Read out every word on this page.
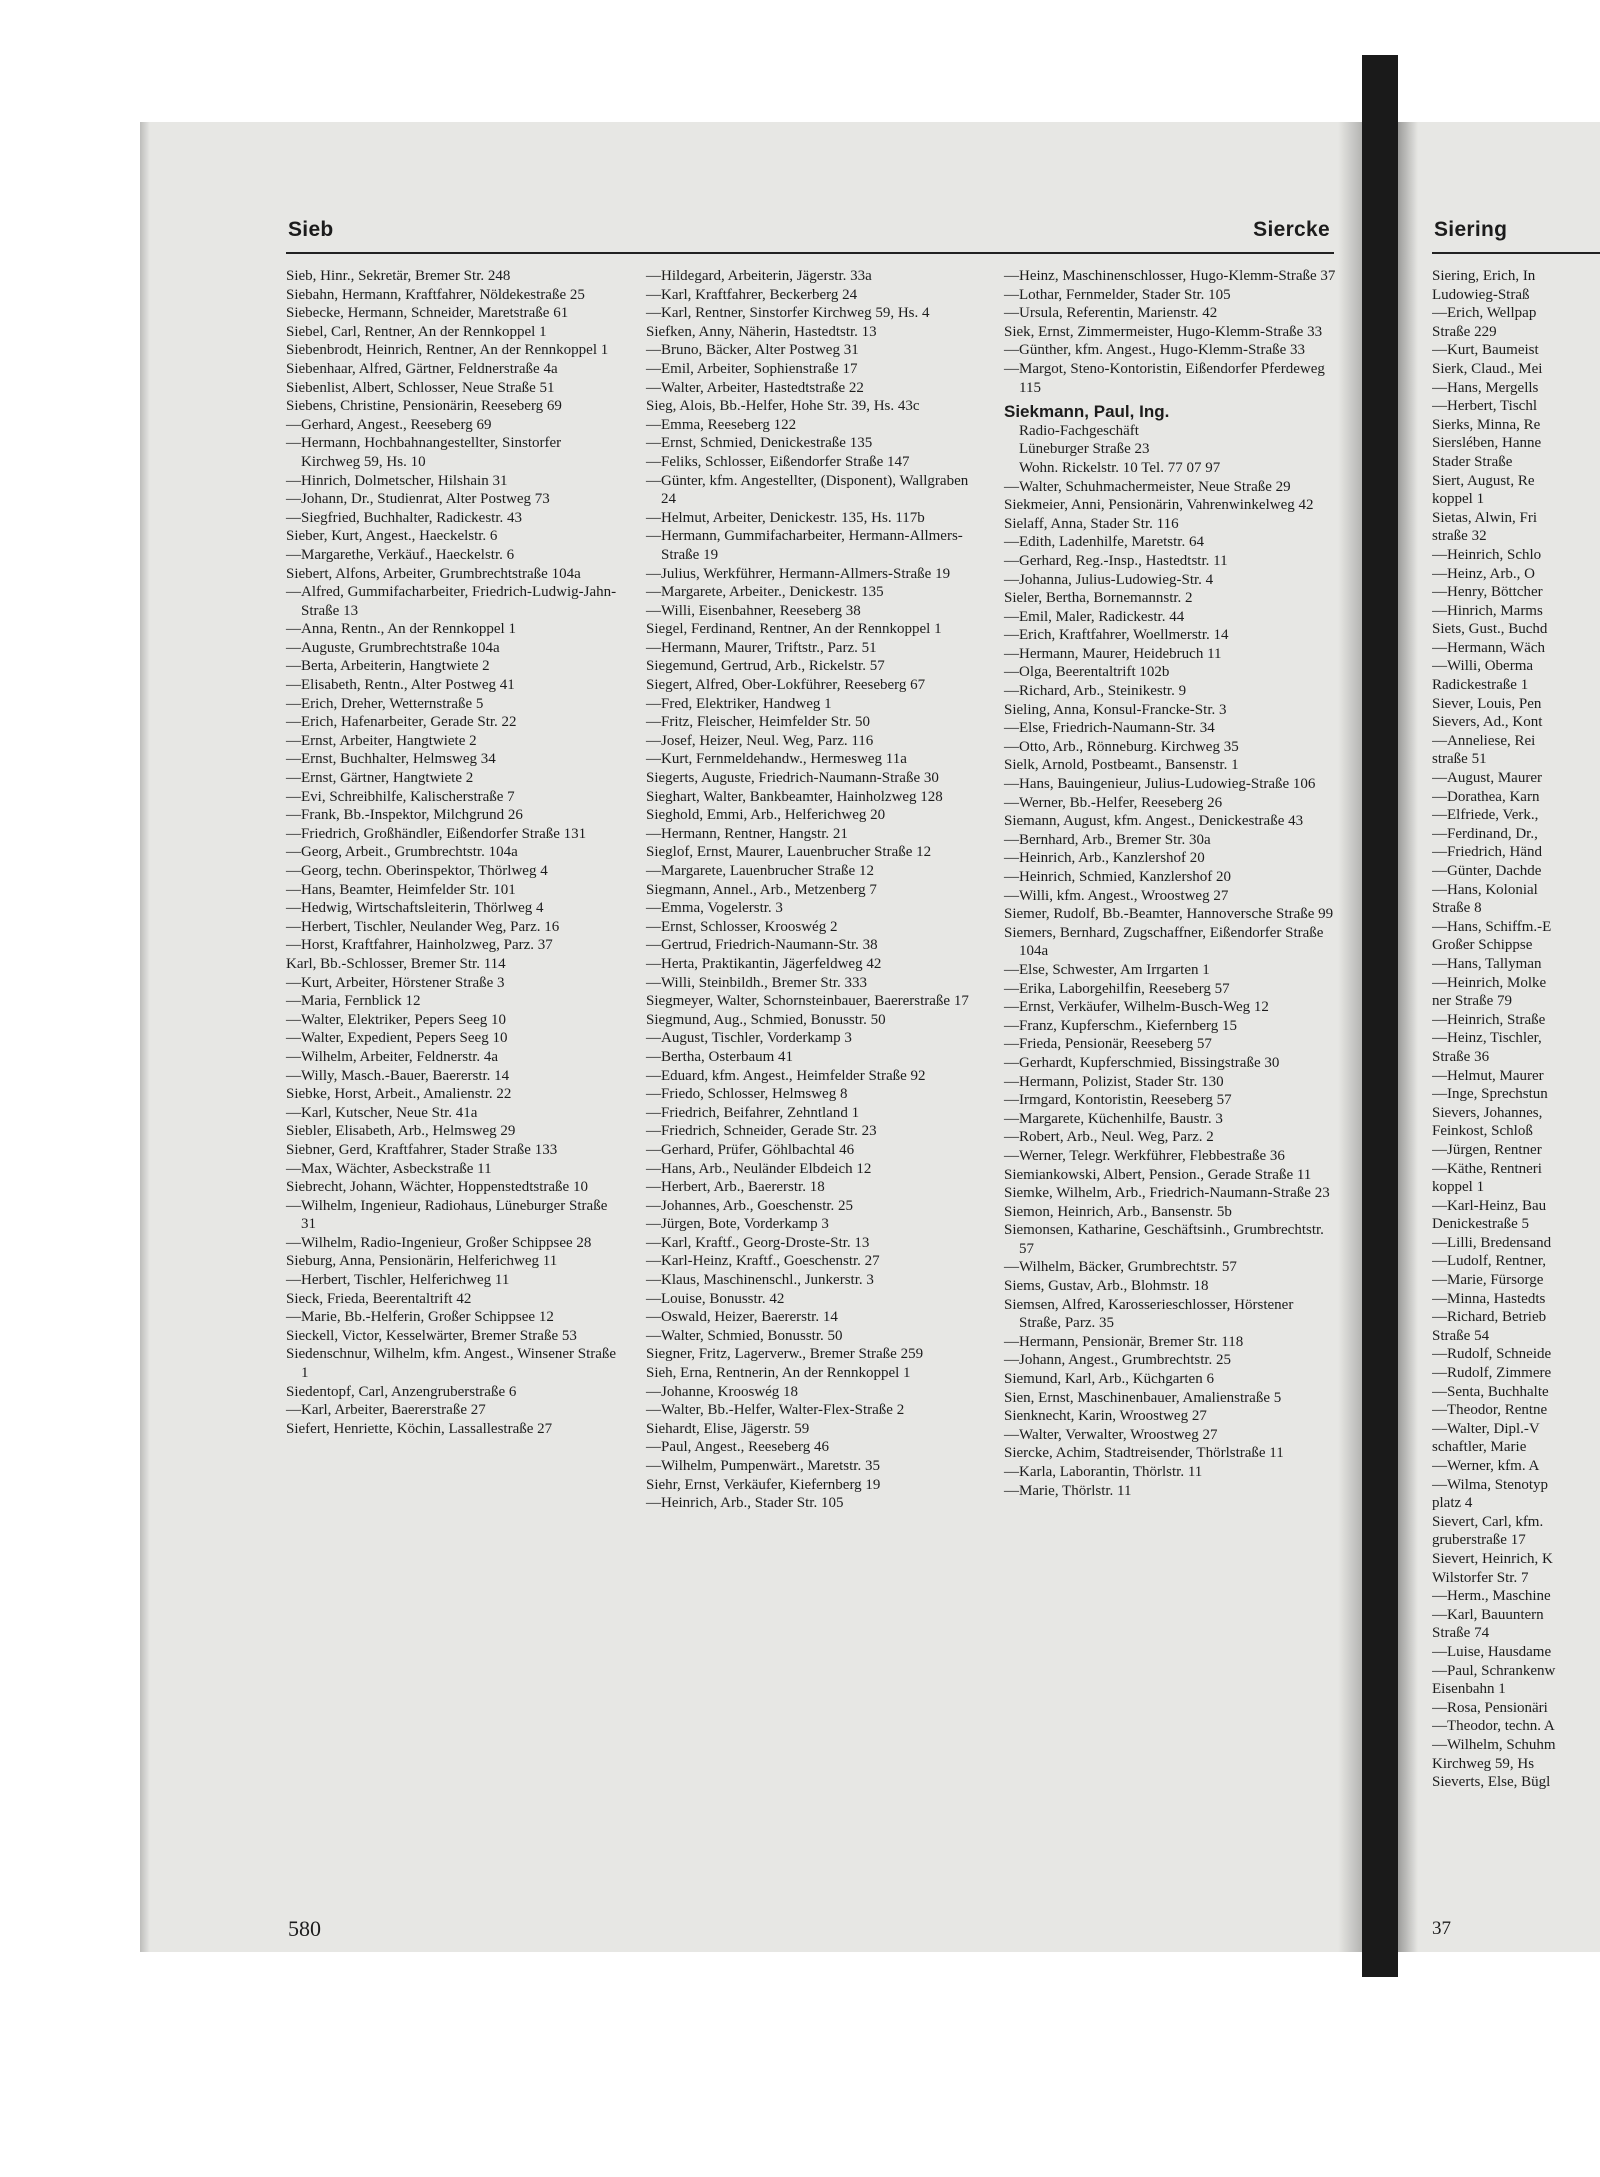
Sieb	Siercke
Sieb, Hinr., Sekretär, Bremer Str. 248
Siebahn, Hermann, Kraftfahrer, Nöldekestraße 25
Siebecke, Hermann, Schneider, Maretstraße 61
Siebel, Carl, Rentner, An der Rennkoppel 1
Siebenbrodt, Heinrich, Rentner, An der Rennkoppel 1
Siebenhaar, Alfred, Gärtner, Feldnerstraße 4a
Siebenlist, Albert, Schlosser, Neue Straße 51
Siebens, Christine, Pensionärin, Reeseberg 69
—Gerhard, Angest., Reeseberg 69
—Hermann, Hochbahnangestellter, Sinstorfer Kirchweg 59, Hs. 10
—Hinrich, Dolmetscher, Hilshain 31
—Johann, Dr., Studienrat, Alter Postweg 73
—Siegfried, Buchhalter, Radickestr. 43
Sieber, Kurt, Angest., Haeckelstr. 6
—Margarethe, Verkäuf., Haeckelstr. 6
Siebert, Alfons, Arbeiter, Grumbrechtstraße 104a
—Alfred, Gummifacharbeiter, Friedrich-Ludwig-Jahn-Straße 13
—Anna, Rentn., An der Rennkoppel 1
—Auguste, Grumbrechtstraße 104a
—Berta, Arbeiterin, Hangtwiete 2
—Elisabeth, Rentn., Alter Postweg 41
—Erich, Dreher, Wetternstraße 5
—Erich, Hafenarbeiter, Gerade Str. 22
—Ernst, Arbeiter, Hangtwiete 2
—Ernst, Buchhalter, Helmsweg 34
—Ernst, Gärtner, Hangtwiete 2
—Evi, Schreibhilfe, Kalischerstraße 7
—Frank, Bb.-Inspektor, Milchgrund 26
—Friedrich, Großhändler, Eißendorfer Straße 131
—Georg, Arbeit., Grumbrechtstr. 104a
—Georg, techn. Oberinspektor, Thörlweg 4
—Hans, Beamter, Heimfelder Str. 101
—Hedwig, Wirtschaftsleiterin, Thörlweg 4
—Herbert, Tischler, Neulander Weg, Parz. 16
—Horst, Kraftfahrer, Hainholzweg, Parz. 37
Karl, Bb.-Schlosser, Bremer Str. 114
—Kurt, Arbeiter, Hörstener Straße 3
—Maria, Fernblick 12
—Walter, Elektriker, Pepers Seeg 10
—Walter, Expedient, Pepers Seeg 10
—Wilhelm, Arbeiter, Feldnerstr. 4a
—Willy, Masch.-Bauer, Baererstr. 14
Siebke, Horst, Arbeit., Amalienstr. 22
—Karl, Kutscher, Neue Str. 41a
Siebler, Elisabeth, Arb., Helmsweg 29
Siebner, Gerd, Kraftfahrer, Stader Straße 133
—Max, Wächter, Asbeckstraße 11
Siebrecht, Johann, Wächter, Hoppenstedtstraße 10
—Wilhelm, Ingenieur, Radiohaus, Lüneburger Straße 31
—Wilhelm, Radio-Ingenieur, Großer Schippsee 28
Sieburg, Anna, Pensionärin, Helferichweg 11
—Herbert, Tischler, Helferichweg 11
Sieck, Frieda, Beerentaltrift 42
—Marie, Bb.-Helferin, Großer Schippsee 12
Sieckell, Victor, Kesselwärter, Bremer Straße 53
Siedenschnur, Wilhelm, kfm. Angest., Winsener Straße 1
Siedentopf, Carl, Anzengruberstraße 6
—Karl, Arbeiter, Baererstraße 27
Siefert, Henriette, Köchin, Lassallestraße 27
—Hildegard, Arbeiterin, Jägerstr. 33a
—Karl, Kraftfahrer, Beckerberg 24
—Karl, Rentner, Sinstorfer Kirchweg 59, Hs. 4
Siefken, Anny, Näherin, Hastedtstr. 13
—Bruno, Bäcker, Alter Postweg 31
—Emil, Arbeiter, Sophienstraße 17
—Walter, Arbeiter, Hastedtstraße 22
Sieg, Alois, Bb.-Helfer, Hohe Str. 39, Hs. 43c
—Emma, Reeseberg 122
—Ernst, Schmied, Denickestraße 135
—Feliks, Schlosser, Eißendorfer Straße 147
—Günter, kfm. Angestellter, (Disponent), Wallgraben 24
—Helmut, Arbeiter, Denickestr. 135, Hs. 117b
—Hermann, Gummifacharbeiter, Hermann-Allmers-Straße 19
—Julius, Werkführer, Hermann-Allmers-Straße 19
—Margarete, Arbeiter., Denickestr. 135
—Willi, Eisenbahner, Reeseberg 38
Siegel, Ferdinand, Rentner, An der Rennkoppel 1
—Hermann, Maurer, Triftstr., Parz. 51
Siegemund, Gertrud, Arb., Rickelstr. 57
Siegert, Alfred, Ober-Lokführer, Reeseberg 67
—Fred, Elektriker, Handweg 1
—Fritz, Fleischer, Heimfelder Str. 50
—Josef, Heizer, Neul. Weg, Parz. 116
—Kurt, Fernmeldehandw., Hermesweg 11a
Siegerts, Auguste, Friedrich-Naumann-Straße 30
Sieghart, Walter, Bankbeamter, Hainholzweg 128
Sieghold, Emmi, Arb., Helferichweg 20
—Hermann, Rentner, Hangstr. 21
Sieglof, Ernst, Maurer, Lauenbrucher Straße 12
—Margarete, Lauenbrucher Straße 12
Siegmann, Annel., Arb., Metzenberg 7
—Emma, Vogelerstr. 3
—Ernst, Schlosser, Krooswég 2
—Gertrud, Friedrich-Naumann-Str. 38
—Herta, Praktikantin, Jägerfeldweg 42
—Willi, Steinbildh., Bremer Str. 333
Siegmeyer, Walter, Schornsteinbauer, Baererstraße 17
Siegmund, Aug., Schmied, Bonusstr. 50
—August, Tischler, Vorderkamp 3
—Bertha, Osterbaum 41
—Eduard, kfm. Angest., Heimfelder Straße 92
—Friedo, Schlosser, Helmsweg 8
—Friedrich, Beifahrer, Zehntland 1
—Friedrich, Schneider, Gerade Str. 23
—Gerhard, Prüfer, Göhlbachtal 46
—Hans, Arb., Neuländer Elbdeich 12
—Herbert, Arb., Baererstr. 18
—Johannes, Arb., Goeschenstr. 25
—Jürgen, Bote, Vorderkamp 3
—Karl, Kraftf., Georg-Droste-Str. 13
—Karl-Heinz, Kraftf., Goeschenstr. 27
—Klaus, Maschinenschl., Junkerstr. 3
—Louise, Bonusstr. 42
—Oswald, Heizer, Baererstr. 14
—Walter, Schmied, Bonusstr. 50
Siegner, Fritz, Lagerverw., Bremer Straße 259
Sieh, Erna, Rentnerin, An der Rennkoppel 1
—Johanne, Krooswég 18
—Walter, Bb.-Helfer, Walter-Flex-Straße 2
Siehardt, Elise, Jägerstr. 59
—Paul, Angest., Reeseberg 46
—Wilhelm, Pumpenwärt., Maretstr. 35
Siehr, Ernst, Verkäufer, Kiefernberg 19
—Heinrich, Arb., Stader Str. 105
—Heinz, Maschinenschlosser, Hugo-Klemm-Straße 37
—Lothar, Fernmelder, Stader Str. 105
—Ursula, Referentin, Marienstr. 42
Siek, Ernst, Zimmermeister, Hugo-Klemm-Straße 33
—Günther, kfm. Angest., Hugo-Klemm-Straße 33
—Margot, Steno-Kontoristin, Eißendorfer Pferdeweg 115
Siekmann, Paul, Ing.
Radio-Fachgeschäft
Lüneburger Straße 23
Wohn. Rickelstr. 10 Tel. 77 07 97
—Walter, Schuhmachermeister, Neue Straße 29
Siekmeier, Anni, Pensionärin, Vahrenwinkelweg 42
Sielaff, Anna, Stader Str. 116
—Edith, Ladenhilfe, Maretstr. 64
—Gerhard, Reg.-Insp., Hastedtstr. 11
—Johanna, Julius-Ludowieg-Str. 4
Sieler, Bertha, Bornemannstr. 2
—Emil, Maler, Radickestr. 44
—Erich, Kraftfahrer, Woellmerstr. 14
—Hermann, Maurer, Heidebruch 11
—Olga, Beerentaltrift 102b
—Richard, Arb., Steinikestr. 9
Sieling, Anna, Konsul-Francke-Str. 3
—Else, Friedrich-Naumann-Str. 34
—Otto, Arb., Rönneburg. Kirchweg 35
Sielk, Arnold, Postbeamt., Bansenstr. 1
—Hans, Bauingenieur, Julius-Ludowieg-Straße 106
—Werner, Bb.-Helfer, Reeseberg 26
Siemann, August, kfm. Angest., Denickestraße 43
—Bernhard, Arb., Bremer Str. 30a
—Heinrich, Arb., Kanzlershof 20
—Heinrich, Schmied, Kanzlershof 20
—Willi, kfm. Angest., Wroostweg 27
Siemer, Rudolf, Bb.-Beamter, Hannoversche Straße 99
Siemers, Bernhard, Zugschaffner, Eißendorfer Straße 104a
—Else, Schwester, Am Irrgarten 1
—Erika, Laborgehilfin, Reeseberg 57
—Ernst, Verkäufer, Wilhelm-Busch-Weg 12
—Franz, Kupferschm., Kiefernberg 15
—Frieda, Pensionär, Reeseberg 57
—Gerhardt, Kupferschmied, Bissingstraße 30
—Hermann, Polizist, Stader Str. 130
—Irmgard, Kontoristin, Reeseberg 57
—Margarete, Küchenhilfe, Baustr. 3
—Robert, Arb., Neul. Weg, Parz. 2
—Werner, Telegr. Werkführer, Flebbestraße 36
Siemiankowski, Albert, Pension., Gerade Straße 11
Siemke, Wilhelm, Arb., Friedrich-Naumann-Straße 23
Siemon, Heinrich, Arb., Bansenstr. 5b
Siemonsen, Katharine, Geschäftsinh., Grumbrechtstr. 57
—Wilhelm, Bäcker, Grumbrechtstr. 57
Siems, Gustav, Arb., Blohmstr. 18
Siemsen, Alfred, Karosserieschlosser, Hörstener Straße, Parz. 35
—Hermann, Pensionär, Bremer Str. 118
—Johann, Angest., Grumbrechtstr. 25
Siemund, Karl, Arb., Küchgarten 6
Sien, Ernst, Maschinenbauer, Amalienstraße 5
Sienknecht, Karin, Wroostweg 27
—Walter, Verwalter, Wroostweg 27
Siercke, Achim, Stadtreisender, Thörlstraße 11
—Karla, Laborantin, Thörlstr. 11
—Marie, Thörlstr. 11
580
Siering
Siering, Erich, In
Ludowieg-Straß
—Erich, Wellpap
Straße 229
—Kurt, Baumeist
Sierk, Claud., Mei
—Hans, Mergells
—Herbert, Tischl
Sierks, Minna, Re
Sierslében, Hanne
Stader Straße
Siert, August, Re
koppel 1
Sietas, Alwin, Fri
straße 32
—Heinrich, Schlo
—Heinz, Arb., O
—Henry, Böttcher
—Hinrich, Marms
Siets, Gust., Buchd
—Hermann, Wäch
—Willi, Oberma
Radickestraße 1
Siever, Louis, Pen
Sievers, Ad., Kont
—Anneliese, Rei
straße 51
—August, Maurer
—Dorathea, Karn
—Elfriede, Verk.,
—Ferdinand, Dr.,
—Friedrich, Händ
—Günter, Dachde
—Hans, Kolonial
Straße 8
—Hans, Schiffm.-E
Großer Schippse
—Hans, Tallyman
—Heinrich, Molke
ner Straße 79
—Heinrich, Straße
—Heinz, Tischler,
Straße 36
—Helmut, Maurer
—Inge, Sprechstun
Sievers, Johannes,
Feinkost, Schloß
—Jürgen, Rentner
—Käthe, Rentneri
koppel 1
—Karl-Heinz, Bau
Denickestraße 5
—Lilli, Bredensand
—Ludolf, Rentner,
—Marie, Fürsorge
—Minna, Hastedts
—Richard, Betrieb
Straße 54
—Rudolf, Schneide
—Rudolf, Zimmere
—Senta, Buchhalte
—Theodor, Rentne
—Walter, Dipl.-V
schaftler, Marie
—Werner, kfm. A
—Wilma, Stenotyp
platz 4
Sievert, Carl, kfm.
gruberstraße 17
Sievert, Heinrich, K
Wilstorfer Str. 7
—Herm., Maschine
—Karl, Bauuntern
Straße 74
—Luise, Hausdame
—Paul, Schrankenw
Eisenbahn 1
—Rosa, Pensionäri
—Theodor, techn. A
—Wilhelm, Schuhm
Kirchweg 59, Hs
Sieverts, Else, Bügl
37
